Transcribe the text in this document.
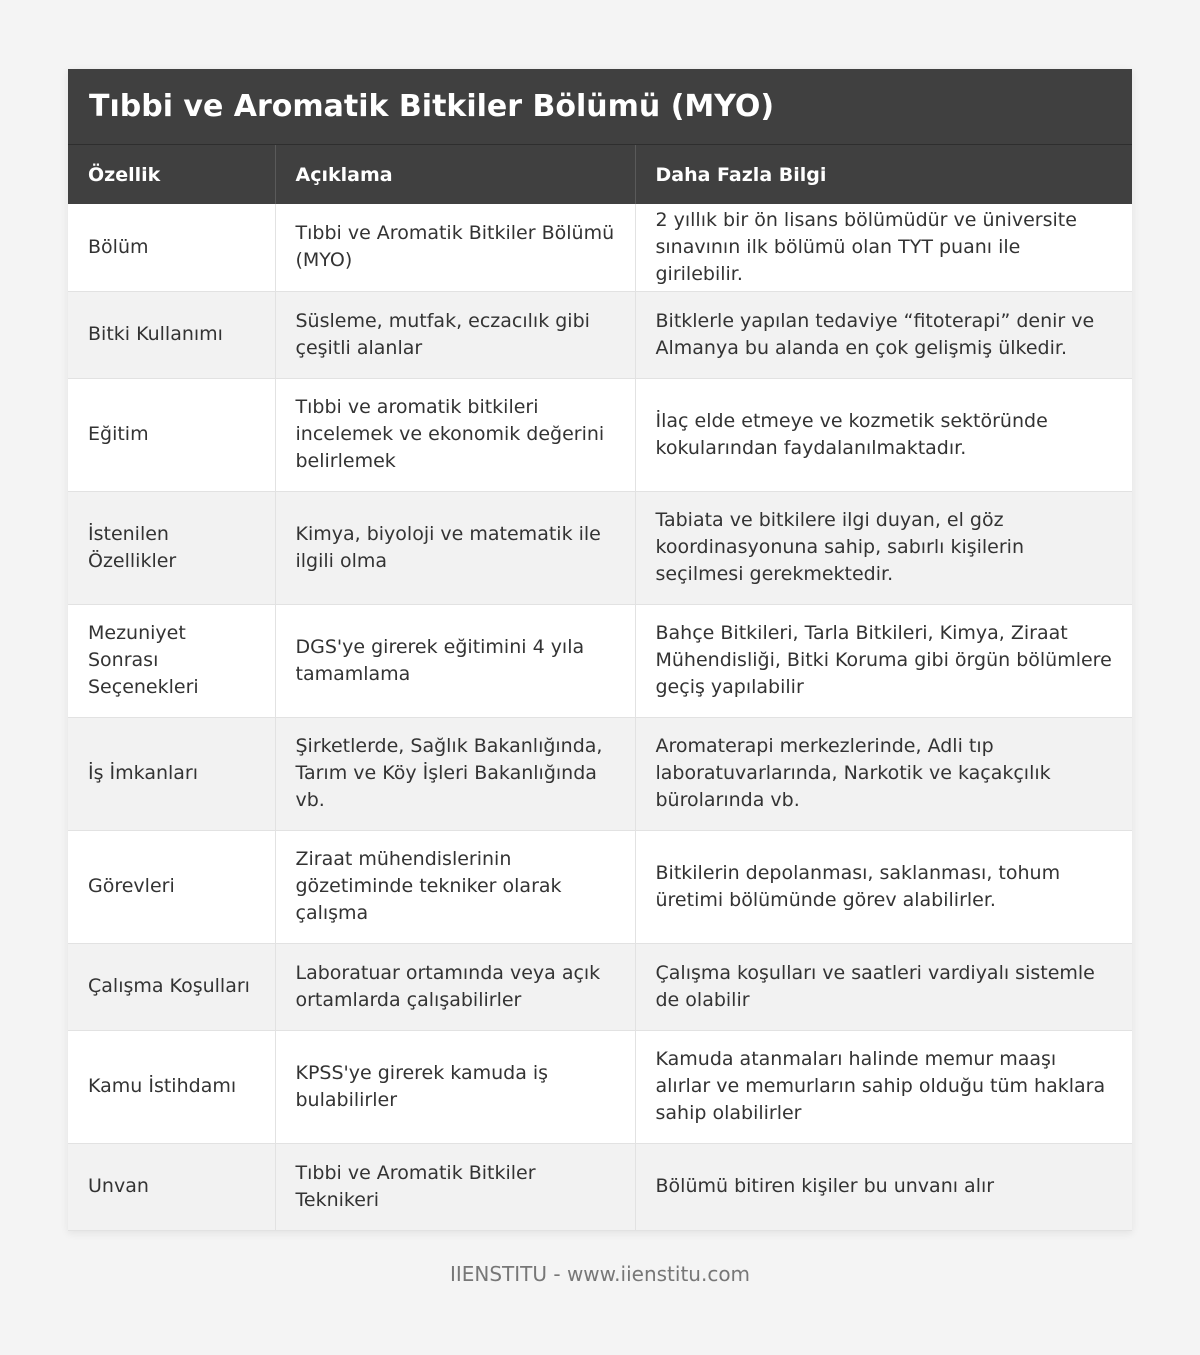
Tıbbi ve Aromatik Bitkiler Bölümü (MYO)
Özellik	Açıklama	Daha Fazla Bilgi
Bölüm	Tıbbi ve Aromatik Bitkiler Bölümü (MYO)	2 yıllık bir ön lisans bölümüdür ve üniversite sınavının ilk bölümü olan TYT puanı ile girilebilir.
Bitki Kullanımı	Süsleme, mutfak, eczacılık gibi çeşitli alanlar	Bitklerle yapılan tedaviye “fitoterapi” denir ve Almanya bu alanda en çok gelişmiş ülkedir.
Eğitim	Tıbbi ve aromatik bitkileri incelemek ve ekonomik değerini belirlemek	İlaç elde etmeye ve kozmetik sektöründe kokularından faydalanılmaktadır.
İstenilen Özellikler	Kimya, biyoloji ve matematik ile ilgili olma	Tabiata ve bitkilere ilgi duyan, el göz koordinasyonuna sahip, sabırlı kişilerin seçilmesi gerekmektedir.
Mezuniyet Sonrası Seçenekleri	DGS'ye girerek eğitimini 4 yıla tamamlama	Bahçe Bitkileri, Tarla Bitkileri, Kimya, Ziraat Mühendisliği, Bitki Koruma gibi örgün bölümlere geçiş yapılabilir
İş İmkanları	Şirketlerde, Sağlık Bakanlığında, Tarım ve Köy İşleri Bakanlığında vb.	Aromaterapi merkezlerinde, Adli tıp laboratuvarlarında, Narkotik ve kaçakçılık bürolarında vb.
Görevleri	Ziraat mühendislerinin gözetiminde tekniker olarak çalışma	Bitkilerin depolanması, saklanması, tohum üretimi bölümünde görev alabilirler.
Çalışma Koşulları	Laboratuar ortamında veya açık ortamlarda çalışabilirler	Çalışma koşulları ve saatleri vardiyalı sistemle de olabilir
Kamu İstihdamı	KPSS'ye girerek kamuda iş bulabilirler	Kamuda atanmaları halinde memur maaşı alırlar ve memurların sahip olduğu tüm haklara sahip olabilirler
Unvan	Tıbbi ve Aromatik Bitkiler Teknikeri	Bölümü bitiren kişiler bu unvanı alır
IIENSTITU - www.iienstitu.com
